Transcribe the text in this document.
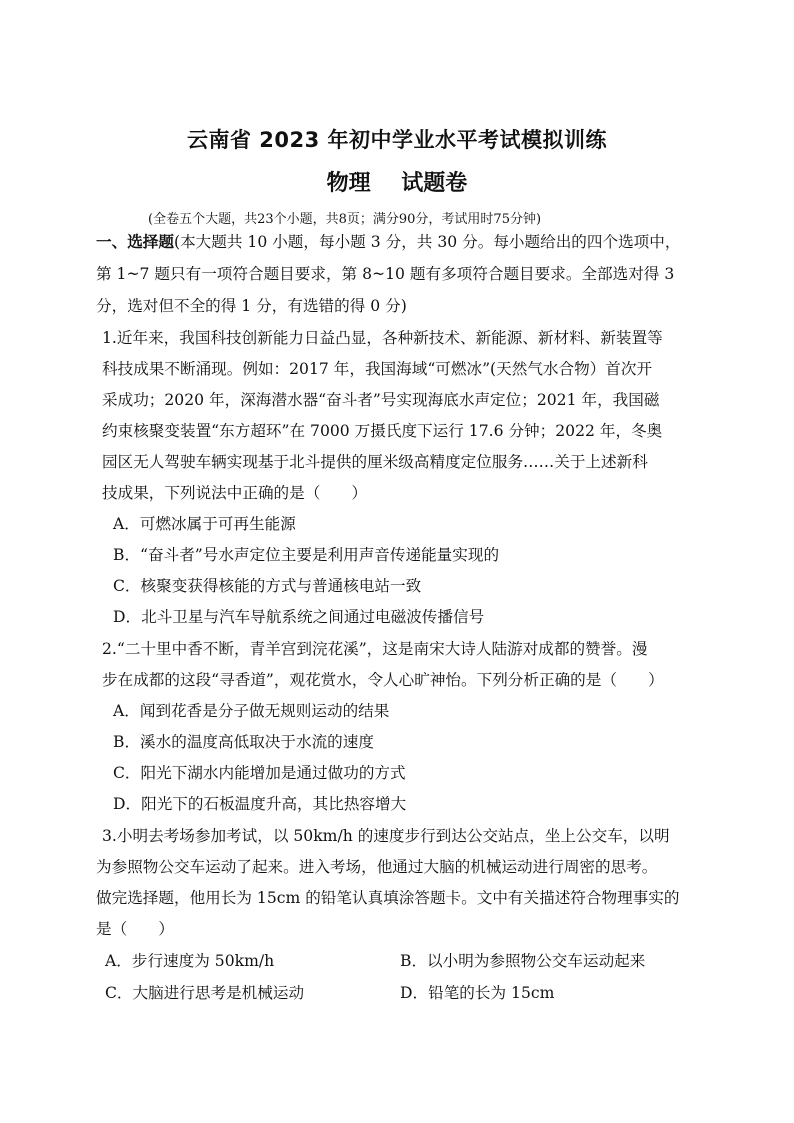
云南省 2023 年初中学业水平考试模拟训练
物理    试题卷
(全卷五个大题，共23个小题，共8页；满分90分，考试用时75分钟)
一、选择题(本大题共 10 小题，每小题 3 分，共 30 分。每小题给出的四个选项中，
第 1~7 题只有一项符合题目要求，第 8~10 题有多项符合题目要求。全部选对得 3
分，选对但不全的得 1 分，有选错的得 0 分)
1.近年来，我国科技创新能力日益凸显，各种新技术、新能源、新材料、新装置等
科技成果不断涌现。例如：2017 年，我国海域“可燃冰”(天然气水合物）首次开
采成功；2020 年，深海潜水器“奋斗者”号实现海底水声定位；2021 年，我国磁
约束核聚变装置“东方超环”在 7000 万摄氏度下运行 17.6 分钟；2022 年，冬奥
园区无人驾驶车辆实现基于北斗提供的厘米级高精度定位服务……关于上述新科
技成果，下列说法中正确的是（　　）
A．可燃冰属于可再生能源
B．“奋斗者”号水声定位主要是利用声音传递能量实现的
C．核聚变获得核能的方式与普通核电站一致
D．北斗卫星与汽车导航系统之间通过电磁波传播信号
2.“二十里中香不断，青羊宫到浣花溪”，这是南宋大诗人陆游对成都的赞誉。漫
步在成都的这段“寻香道”，观花赏水，令人心旷神怡。下列分析正确的是（　　）
A．闻到花香是分子做无规则运动的结果
B．溪水的温度高低取决于水流的速度
C．阳光下湖水内能增加是通过做功的方式
D．阳光下的石板温度升高，其比热容增大
3.小明去考场参加考试，以 50km/h 的速度步行到达公交站点，坐上公交车，以明
为参照物公交车运动了起来。进入考场，他通过大脑的机械运动进行周密的思考。
做完选择题，他用长为 15cm 的铅笔认真填涂答题卡。文中有关描述符合物理事实的
是（　　）
A．步行速度为 50km/h	B．以小明为参照物公交车运动起来
C．大脑进行思考是机械运动	D．铅笔的长为 15cm
